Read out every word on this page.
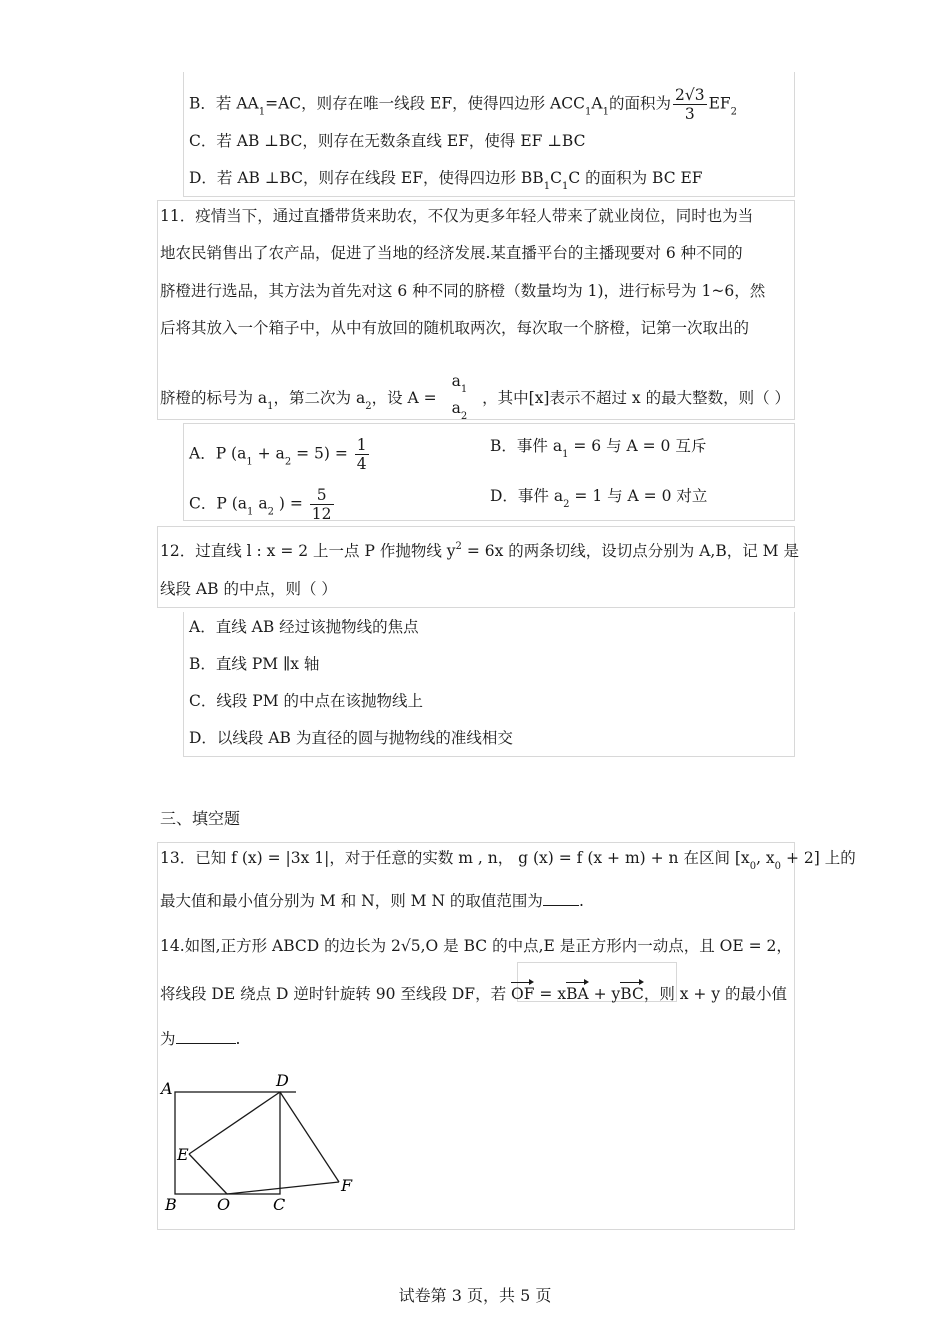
B．若 $AA_1=AC$，则存在唯一线段 EF，使得四边形 $ACC_1A_1$的面积为 $\frac{2√3}{3} EF_2$
C．若 AB ⊥BC，则存在无数条直线 EF，使得 EF ⊥BC
D．若 AB ⊥BC，则存在线段 EF，使得四边形 $BB_1C_1C$ 的面积为 BC EF
11．疫情当下，通过直播带货来助农，不仅为更多年轻人带来了就业岗位，同时也为当
地农民销售出了农产品，促进了当地的经济发展.某直播平台的主播现要对 6 种不同的
脐橙进行选品，其方法为首先对这 6 种不同的脐橙（数量均为 1)，进行标号为 1~6，然
后将其放入一个箱子中，从中有放回的随机取两次，每次取一个脐橙，记第一次取出的
脐橙的标号为 $a_1$，第二次为 $a_2$，设 A =
$a_1$
$a_2$
，其中[x]表示不超过 x 的最大整数，则（ ）
A．P $(a_1 + a_2 = 5) = \frac{1}{4}$	B．事件 $a_1 = 6$ 与 A = 0 互斥
C．P ($a_1$ $a_2$ ) = $\frac{5}{12}$	D．事件 $a_2 = 1$ 与 A = 0 对立
12．过直线 l : x = 2 上一点 P 作抛物线 $y^2 = 6x$ 的两条切线，设切点分别为 A,B，记 M 是
线段 AB 的中点，则（ ）
A．直线 AB 经过该抛物线的焦点
B．直线 PM ∥x 轴
C．线段 PM 的中点在该抛物线上
D．以线段 AB 为直径的圆与抛物线的准线相交
三、填空题
13．已知 f (x) = |3x 1|，对于任意的实数 m , n， g (x) = f (x + m) + n 在区间 [$x_0$, $x_0 + 2$] 上的
最大值和最小值分别为 M 和 N，则 M N 的取值范围为 .
14.如图,正方形 ABCD 的边长为 2√5,O 是 BC 的中点,E 是正方形内一动点，且 OE = 2，
将线段 DE 绕点 D 逆时针旋转 90 至线段 DF，若 OF = xBA + yBC，则 x + y 的最小值
为	.
A	D
E
F
B	O	C
试卷第 3 页，共 5 页
